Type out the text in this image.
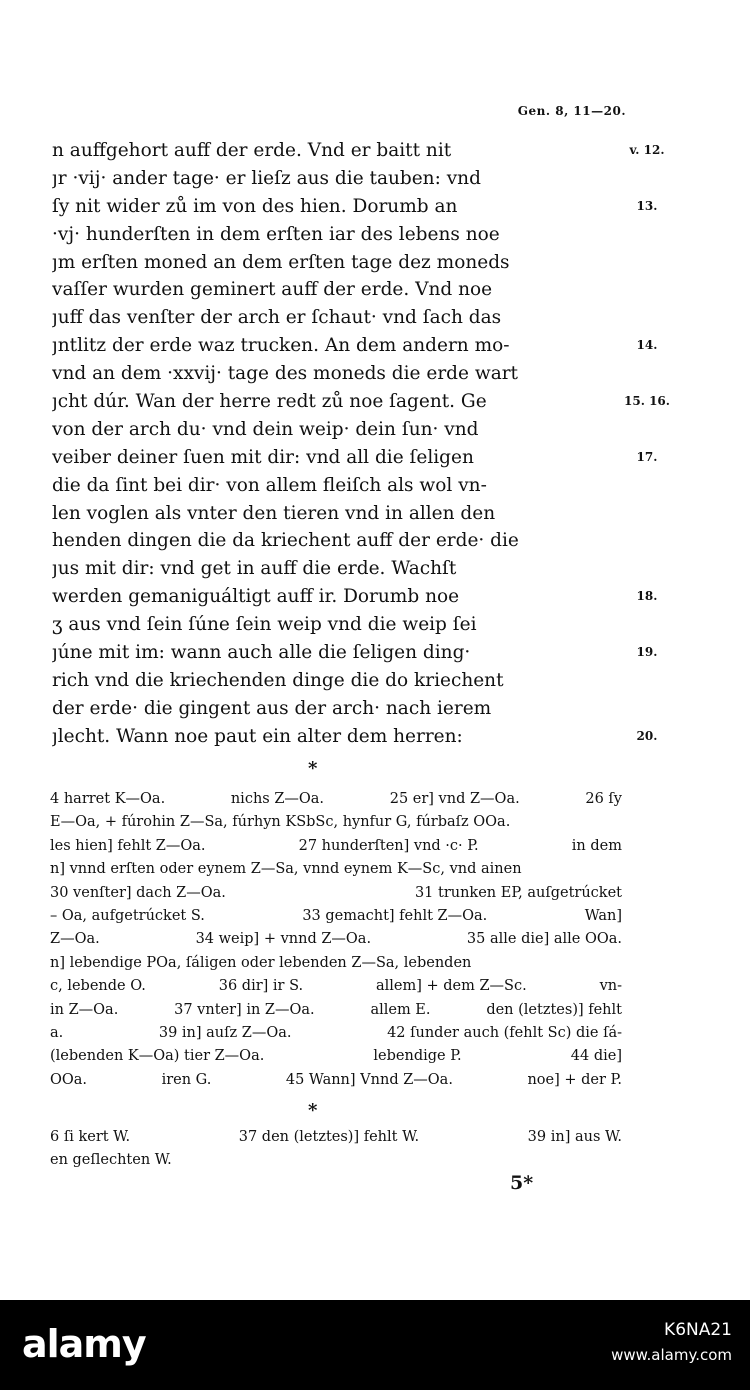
Gen. 8, 11—20.
n auffgehort auff der erde. Vnd er baitt nit	v. 12.
ȷr ·vij· ander tage· er lieſz aus die tauben: vnd
ſy nit wider zů im von des hien. Dorumb an	13.
·vj· hunderſten in dem erſten iar des lebens noe
ȷm erſten moned an dem erſten tage dez moneds
vaſſer wurden geminert auff der erde. Vnd noe
ȷuff das venſter der arch er ſchaut· vnd ſach das
ȷntlitz der erde waz trucken. An dem andern mo-	14.
vnd an dem ·xxvij· tage des moneds die erde wart
ȷcht dúr. Wan der herre redt zů noe ſagent. Ge	15. 16.
von der arch du· vnd dein weip· dein ſun· vnd
veiber deiner ſuen mit dir: vnd all die ſeligen	17.
die da ſint bei dir· von allem fleiſch als wol vn-
len voglen als vnter den tieren vnd in allen den
henden dingen die da kriechent auff der erde· die
ȷus mit dir: vnd get in auff die erde. Wachſt
werden gemaniguáltigt auff ir. Dorumb noe	18.
ʒ aus vnd ſein ſúne ſein weip vnd die weip ſei
ȷúne mit im: wann auch alle die ſeligen ding·	19.
rich vnd die kriechenden dinge die do kriechent
der erde· die gingent aus der arch· nach ierem
ȷlecht. Wann noe paut ein alter dem herren:	20.
*
4 harret K—Oa.	nichs Z—Oa.	25 er] vnd Z—Oa.	26 ſy
E—Oa, + fúrohin Z—Sa, fúrhyn KSbSc, hynfur G, fúrbaſz OOa.
les hien] fehlt Z—Oa.	27 hunderſten] vnd ·c· P.	in dem
n] vnnd erſten oder eynem Z—Sa, vnnd eynem K—Sc, vnd ainen
30 venſter] dach Z—Oa.	31 trunken EP, auſgetrúcket
– Oa, aufgetrúcket S.	33 gemacht] fehlt Z—Oa.	Wan]
Z—Oa.	34 weip] + vnnd Z—Oa.	35 alle die] alle OOa.
n] lebendige POa, ſáligen oder lebenden Z—Sa, lebenden
c, lebende O.	36 dir] ir S.	allem] + dem Z—Sc.	vn-
in Z—Oa.	37 vnter] in Z—Oa.	allem E.	den (letztes)] fehlt
a.	39 in] auſz Z—Oa.	42 ſunder auch (fehlt Sc) die ſá-
(lebenden K—Oa) tier Z—Oa.	lebendige P.	44 die]
OOa.	iren G.	45 Wann] Vnnd Z—Oa.	noe] + der P.
*
6 ſi kert W.	37 den (letztes)] fehlt W.	39 in] aus W.
en geſlechten W.
5*
alamy	K6NA21
www.alamy.com
